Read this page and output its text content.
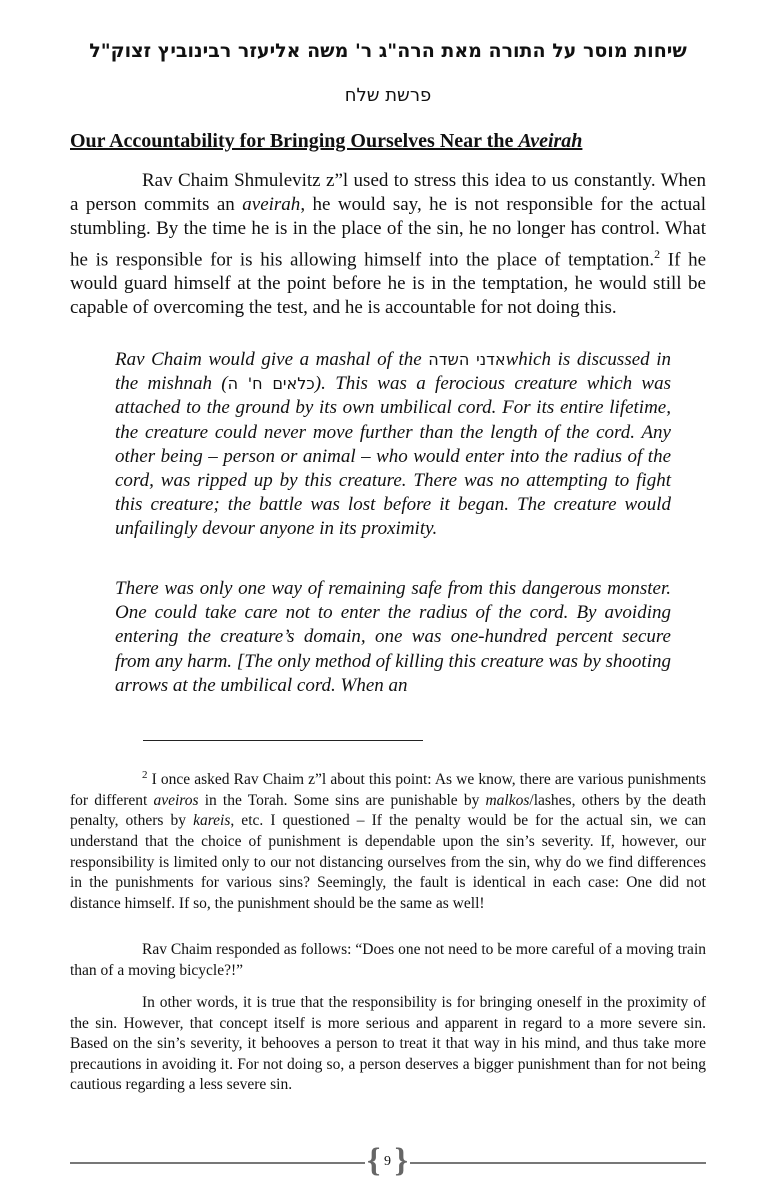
שיחות מוסר על התורה מאת הרה"ג ר' משה אליעזר רבינוביץ זצוק"ל
פרשת שלח
Our Accountability for Bringing Ourselves Near the Aveirah

Rav Chaim Shmulevitz z”l used to stress this idea to us constantly. When a person commits an aveirah, he would say, he is not responsible for the actual stumbling. By the time he is in the place of the sin, he no longer has control. What he is responsible for is his allowing himself into the place of temptation.$^2$ If he would guard himself at the point before he is in the temptation, he would still be capable of overcoming the test, and he is accountable for not doing this.

Rav Chaim would give a mashal of the אדני השדהwhich is discussed in the mishnah (כלאים ח' ה). This was a ferocious creature which was attached to the ground by its own umbilical cord. For its entire lifetime, the creature could never move further than the length of the cord. Any other being – person or animal – who would enter into the radius of the cord, was ripped up by this creature. There was no attempting to fight this creature; the battle was lost before it began. The creature would unfailingly devour anyone in its proximity.

There was only one way of remaining safe from this dangerous monster. One could take care not to enter the radius of the cord. By avoiding entering the creature’s domain, one was one-hundred percent secure from any harm. [The only method of killing this creature was by shooting arrows at the umbilical cord. When an

$^2$ I once asked Rav Chaim z”l about this point: As we know, there are various punishments for different aveiros in the Torah. Some sins are punishable by malkos/lashes, others by the death penalty, others by kareis, etc. I questioned – If the penalty would be for the actual sin, we can understand that the choice of punishment is dependable upon the sin’s severity. If, however, our responsibility is limited only to our not distancing ourselves from the sin, why do we find differences in the punishments for various sins? Seemingly, the fault is identical in each case: One did not distance himself. If so, the punishment should be the same as well!

Rav Chaim responded as follows: “Does one not need to be more careful of a moving train than of a moving bicycle?!”

In other words, it is true that the responsibility is for bringing oneself in the proximity of the sin. However, that concept itself is more serious and apparent in regard to a more severe sin. Based on the sin’s severity, it behooves a person to treat it that way in his mind, and thus take more precautions in avoiding it. For not doing so, a person deserves a bigger punishment than for not being cautious regarding a less severe sin.

{ 9 }
